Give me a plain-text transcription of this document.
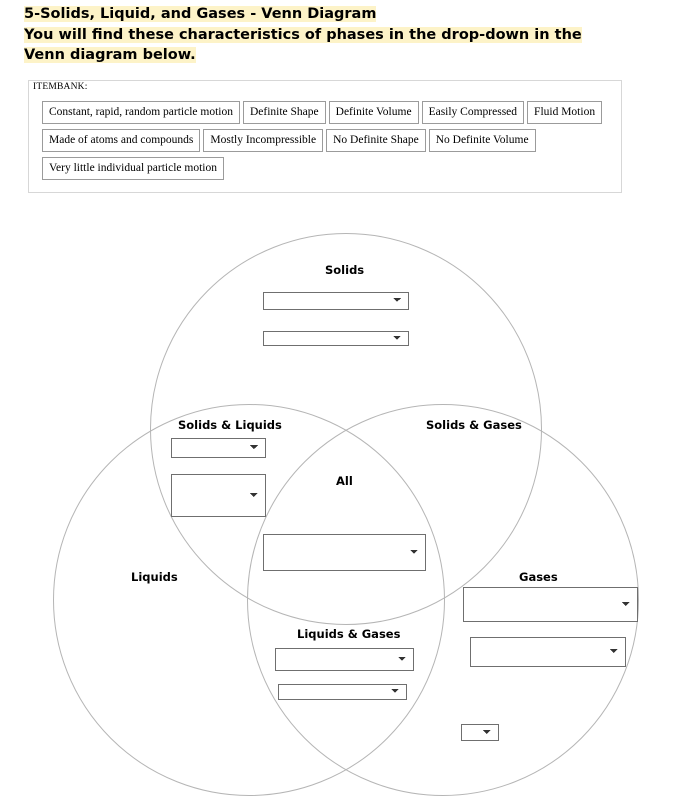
5-Solids, Liquid, and Gases - Venn Diagram
You will find these characteristics of phases in the drop-down in the Venn diagram below.
ITEMBANK:
Constant, rapid, random particle motion	Definite Shape	Definite Volume	Easily Compressed	Fluid Motion
Made of atoms and compounds	Mostly Incompressible	No Definite Shape	No Definite Volume
Very little individual particle motion
Solids
Solids & Liquids	Solids & Gases
All
Liquids	Gases
Liquids & Gases
